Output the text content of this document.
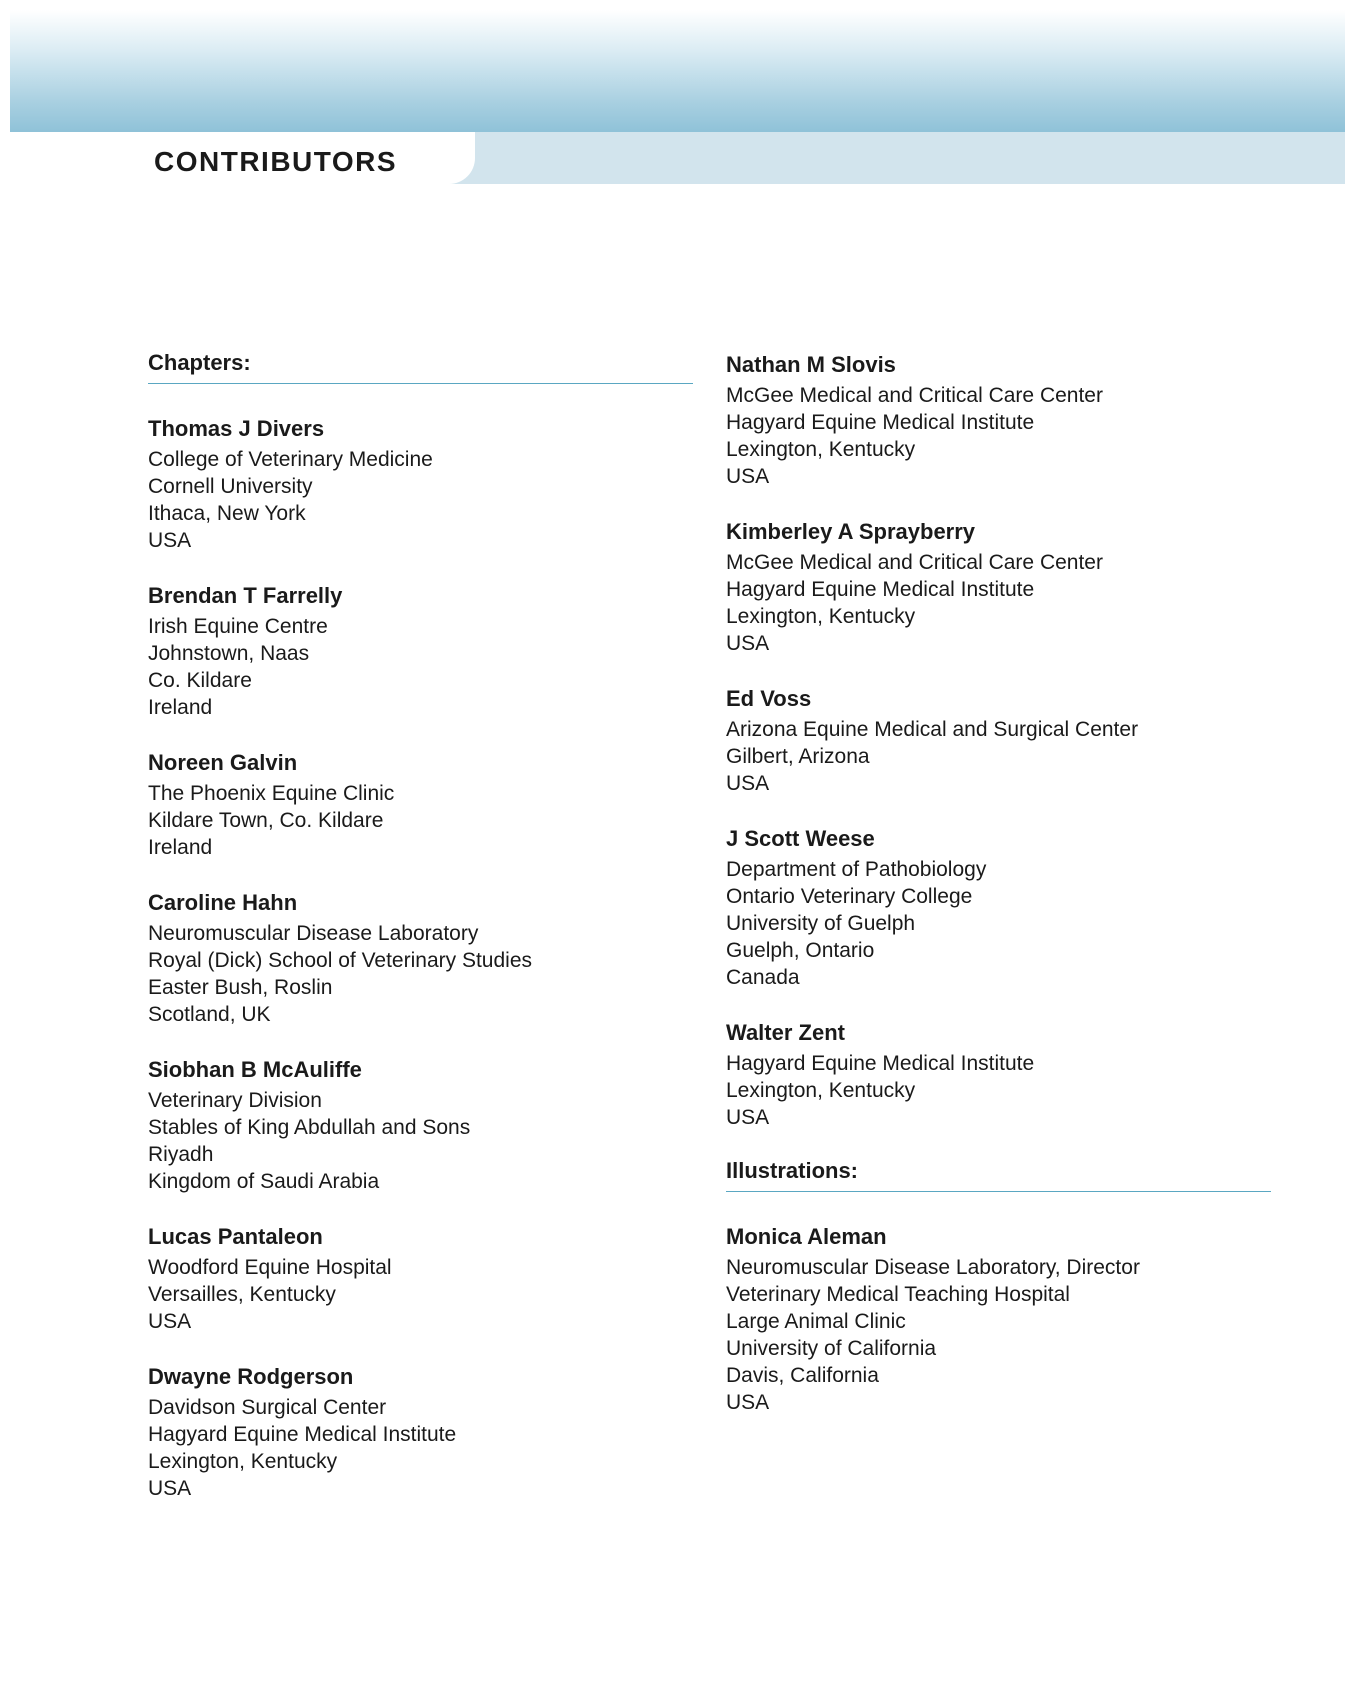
CONTRIBUTORS
Chapters:
Thomas J Divers
College of Veterinary Medicine
Cornell University
Ithaca, New York
USA
Brendan T Farrelly
Irish Equine Centre
Johnstown, Naas
Co. Kildare
Ireland
Noreen Galvin
The Phoenix Equine Clinic
Kildare Town, Co. Kildare
Ireland
Caroline Hahn
Neuromuscular Disease Laboratory
Royal (Dick) School of Veterinary Studies
Easter Bush, Roslin
Scotland, UK
Siobhan B McAuliffe
Veterinary Division
Stables of King Abdullah and Sons
Riyadh
Kingdom of Saudi Arabia
Lucas Pantaleon
Woodford Equine Hospital
Versailles, Kentucky
USA
Dwayne Rodgerson
Davidson Surgical Center
Hagyard Equine Medical Institute
Lexington, Kentucky
USA
Nathan M Slovis
McGee Medical and Critical Care Center
Hagyard Equine Medical Institute
Lexington, Kentucky
USA
Kimberley A Sprayberry
McGee Medical and Critical Care Center
Hagyard Equine Medical Institute
Lexington, Kentucky
USA
Ed Voss
Arizona Equine Medical and Surgical Center
Gilbert, Arizona
USA
J Scott Weese
Department of Pathobiology
Ontario Veterinary College
University of Guelph
Guelph, Ontario
Canada
Walter Zent
Hagyard Equine Medical Institute
Lexington, Kentucky
USA
Illustrations:
Monica Aleman
Neuromuscular Disease Laboratory, Director
Veterinary Medical Teaching Hospital
Large Animal Clinic
University of California
Davis, California
USA
